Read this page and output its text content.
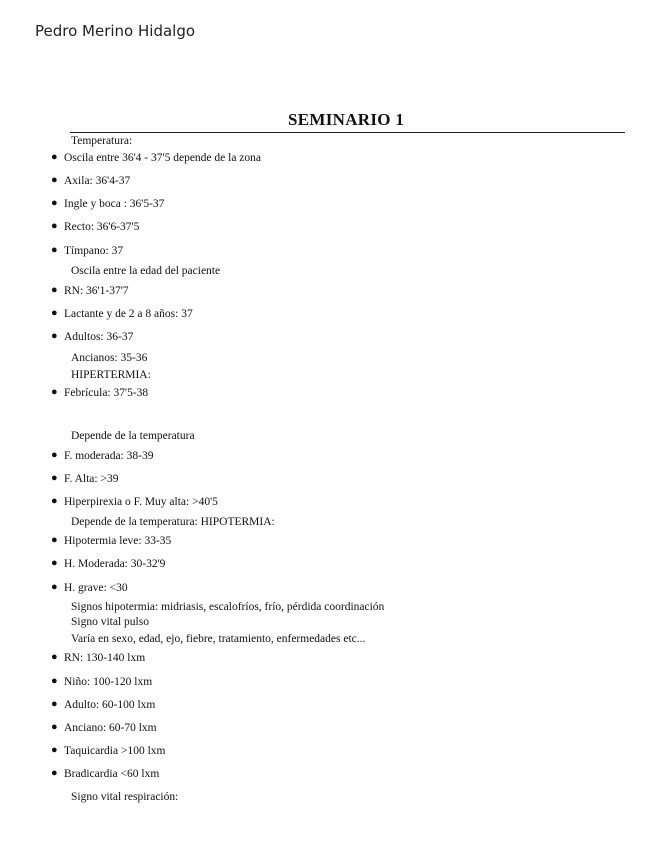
Pedro Merino Hidalgo
SEMINARIO 1
Temperatura:
● Oscila entre 36'4 - 37'5 depende de la zona
● Axila: 36'4-37
● Ingle y boca : 36'5-37
● Recto: 36'6-37'5
● Tímpano: 37
Oscila entre la edad del paciente
● RN: 36'1-37'7
● Lactante y de 2 a 8 años: 37
● Adultos: 36-37
Ancianos: 35-36
HIPERTERMIA:
● Febrícula: 37'5-38
Depende de la temperatura
● F. moderada: 38-39
● F. Alta: >39
● Hiperpirexia o F. Muy alta: >40'5
Depende de la temperatura: HIPOTERMIA:
● Hipotermia leve: 33-35
● H. Moderada: 30-32'9
● H. grave: <30
Signos hipotermia: midriasis, escalofríos, frío, pérdida coordinación
Signo vital pulso
Varía en sexo, edad, ejo, fiebre, tratamiento, enfermedades etc...
● RN: 130-140 lxm
● Niño: 100-120 lxm
● Adulto: 60-100 lxm
● Anciano: 60-70 lxm
● Taquicardia >100 lxm
● Bradicardia <60 lxm
Signo vital respiración:
